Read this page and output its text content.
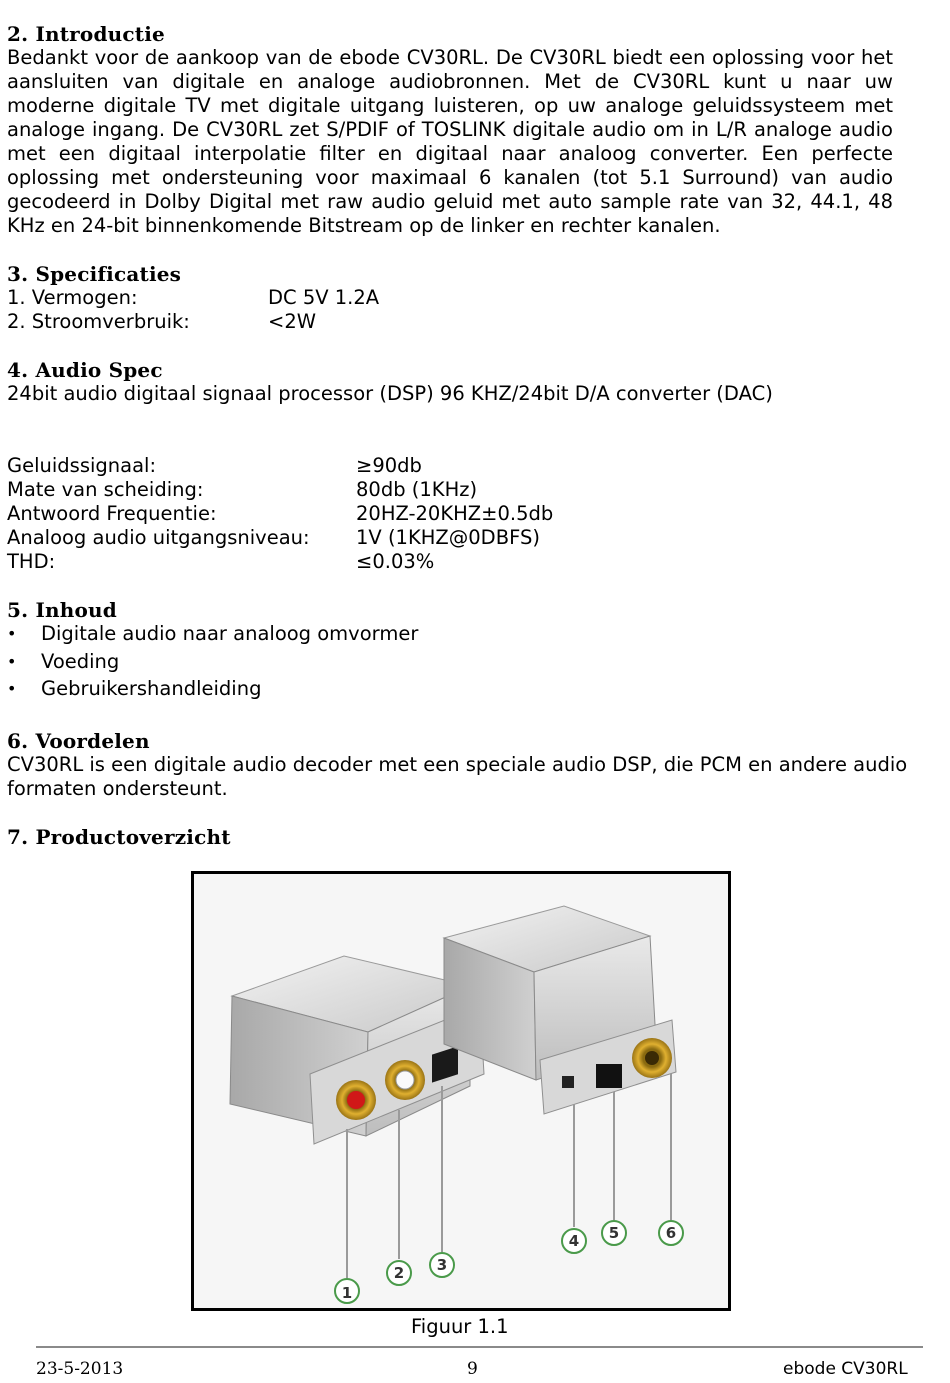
2. Introductie

Bedankt voor de aankoop van de ebode CV30RL. De CV30RL biedt een oplossing voor het aansluiten van digitale en analoge audiobronnen. Met de CV30RL kunt u naar uw moderne digitale TV met digitale uitgang luisteren, op uw analoge geluidssysteem met analoge ingang. De CV30RL zet S/PDIF of TOSLINK digitale audio om in L/R analoge audio met een digitaal interpolatie filter en digitaal naar analoog converter. Een perfecte oplossing met ondersteuning voor maximaal 6 kanalen (tot 5.1 Surround) van audio gecodeerd in Dolby Digital met raw audio geluid met auto sample rate van 32, 44.1, 48 KHz en 24-bit binnenkomende Bitstream op de linker en rechter kanalen.

3. Specificaties
1. Vermogen:	DC 5V 1.2A
2. Stroomverbruik:	<2W
4. Audio Spec

24bit audio digitaal signaal processor (DSP) 96 KHZ/24bit D/A converter (DAC)

Geluidssignaal:	≥90db
Mate van scheiding:	80db (1KHz)
Antwoord Frequentie:	20HZ-20KHZ±0.5db
Analoog audio uitgangsniveau:	1V (1KHZ@0DBFS)
THD:	≤0.03%
5. Inhoud
•	Digitale audio naar analoog omvormer
•	Voeding
•	Gebruikershandleiding
6. Voordelen

CV30RL is een digitale audio decoder met een speciale audio DSP, die PCM en andere audio formaten ondersteunt.

7. Productoverzicht
1
2	3
4	5	6
Figuur 1.1
23-5-2013	9	ebode CV30RL
